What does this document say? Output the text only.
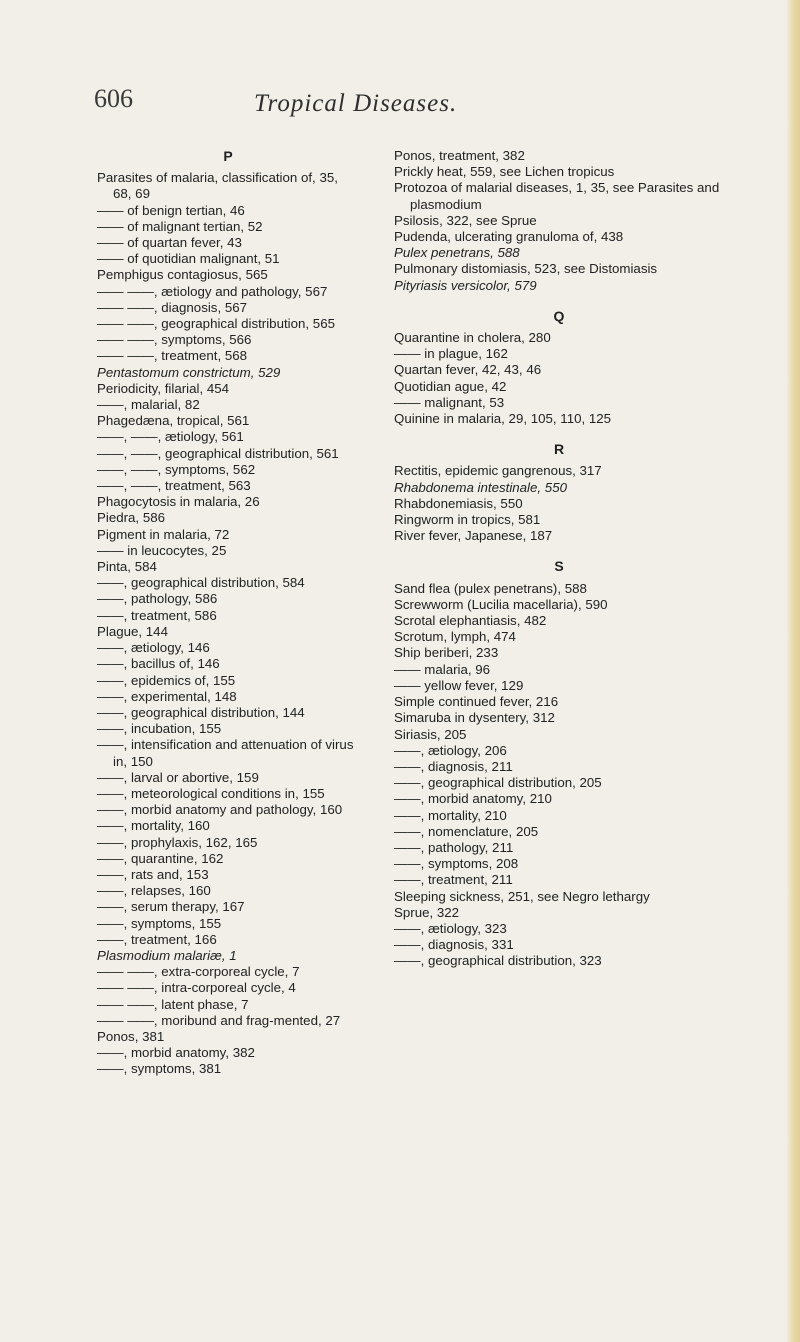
606	Tropical Diseases.
P

Parasites of malaria, classification of, 35, 68, 69

—— of benign tertian, 46

—— of malignant tertian, 52

—— of quartan fever, 43

—— of quotidian malignant, 51

Pemphigus contagiosus, 565

—— ——, ætiology and pathology, 567

—— ——, diagnosis, 567

—— ——, geographical distribution, 565

—— ——, symptoms, 566

—— ——, treatment, 568

Pentastomum constrictum, 529

Periodicity, filarial, 454

——, malarial, 82

Phagedæna, tropical, 561

——, ——, ætiology, 561

——, ——, geographical distribution, 561

——, ——, symptoms, 562

——, ——, treatment, 563

Phagocytosis in malaria, 26

Piedra, 586

Pigment in malaria, 72

—— in leucocytes, 25

Pinta, 584

——, geographical distribution, 584

——, pathology, 586

——, treatment, 586

Plague, 144

——, ætiology, 146

——, bacillus of, 146

——, epidemics of, 155

——, experimental, 148

——, geographical distribution, 144

——, incubation, 155

——, intensification and attenuation of virus in, 150

——, larval or abortive, 159

——, meteorological conditions in, 155

——, morbid anatomy and pathology, 160

——, mortality, 160

——, prophylaxis, 162, 165

——, quarantine, 162

——, rats and, 153

——, relapses, 160

——, serum therapy, 167

——, symptoms, 155

——, treatment, 166

Plasmodium malariæ, 1

—— ——, extra-corporeal cycle, 7

—— ——, intra-corporeal cycle, 4

—— ——, latent phase, 7

—— ——, moribund and frag-mented, 27

Ponos, 381

——, morbid anatomy, 382

——, symptoms, 381

Ponos, treatment, 382

Prickly heat, 559, see Lichen tropicus

Protozoa of malarial diseases, 1, 35, see Parasites and plasmodium

Psilosis, 322, see Sprue

Pudenda, ulcerating granuloma of, 438

Pulex penetrans, 588

Pulmonary distomiasis, 523, see Distomiasis

Pityriasis versicolor, 579

Q

Quarantine in cholera, 280

—— in plague, 162

Quartan fever, 42, 43, 46

Quotidian ague, 42

—— malignant, 53

Quinine in malaria, 29, 105, 110, 125

R

Rectitis, epidemic gangrenous, 317

Rhabdonema intestinale, 550

Rhabdonemiasis, 550

Ringworm in tropics, 581

River fever, Japanese, 187

S

Sand flea (pulex penetrans), 588

Screwworm (Lucilia macellaria), 590

Scrotal elephantiasis, 482

Scrotum, lymph, 474

Ship beriberi, 233

—— malaria, 96

—— yellow fever, 129

Simple continued fever, 216

Simaruba in dysentery, 312

Siriasis, 205

——, ætiology, 206

——, diagnosis, 211

——, geographical distribution, 205

——, morbid anatomy, 210

——, mortality, 210

——, nomenclature, 205

——, pathology, 211

——, symptoms, 208

——, treatment, 211

Sleeping sickness, 251, see Negro lethargy

Sprue, 322

——, ætiology, 323

——, diagnosis, 331

——, geographical distribution, 323
